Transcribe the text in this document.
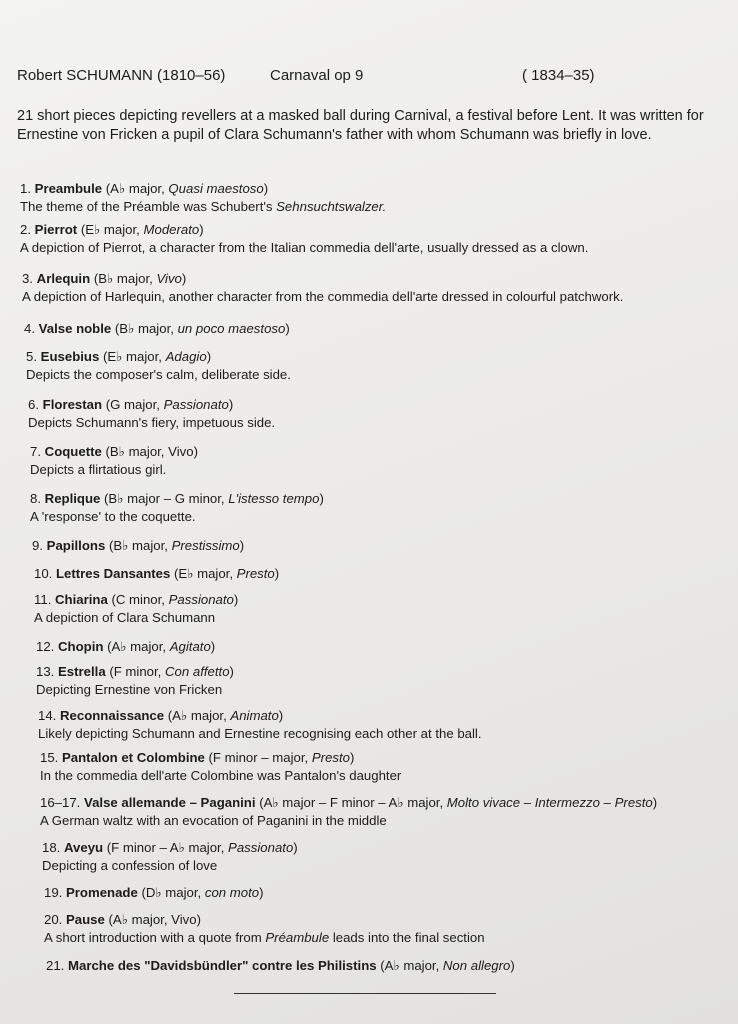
Robert SCHUMANN (1810–56)	Carnaval op 9	( 1834–35)
21 short pieces depicting revellers at a masked ball during Carnival, a festival before Lent. It was written for Ernestine von Fricken a pupil of Clara Schumann's father with whom Schumann was briefly in love.
1. Preambule (A♭ major, Quasi maestoso)
The theme of the Préamble was Schubert's Sehnsuchtswalzer.
2. Pierrot (E♭ major, Moderato)
A depiction of Pierrot, a character from the Italian commedia dell'arte, usually dressed as a clown.
3. Arlequin (B♭ major, Vivo)
A depiction of Harlequin, another character from the commedia dell'arte dressed in colourful patchwork.
4. Valse noble (B♭ major, un poco maestoso)
5. Eusebius (E♭ major, Adagio)
Depicts the composer's calm, deliberate side.
6. Florestan (G major, Passionato)
Depicts Schumann's fiery, impetuous side.
7. Coquette (B♭ major, Vivo)
Depicts a flirtatious girl.
8. Replique (B♭ major – G minor, L'istesso tempo)
A 'response' to the coquette.
9. Papillons (B♭ major, Prestissimo)
10. Lettres Dansantes (E♭ major, Presto)
11. Chiarina (C minor, Passionato)
A depiction of Clara Schumann
12. Chopin (A♭ major, Agitato)
13. Estrella (F minor, Con affetto)
Depicting Ernestine von Fricken
14. Reconnaissance (A♭ major, Animato)
Likely depicting Schumann and Ernestine recognising each other at the ball.
15. Pantalon et Colombine (F minor – major, Presto)
In the commedia dell'arte Colombine was Pantalon's daughter
16–17. Valse allemande – Paganini (A♭ major – F minor – A♭ major, Molto vivace – Intermezzo – Presto)
A German waltz with an evocation of Paganini in the middle
18. Aveyu (F minor – A♭ major, Passionato)
Depicting a confession of love
19. Promenade (D♭ major, con moto)
20. Pause (A♭ major, Vivo)
A short introduction with a quote from Préambule leads into the final section
21. Marche des "Davidsbündler" contre les Philistins (A♭ major, Non allegro)
